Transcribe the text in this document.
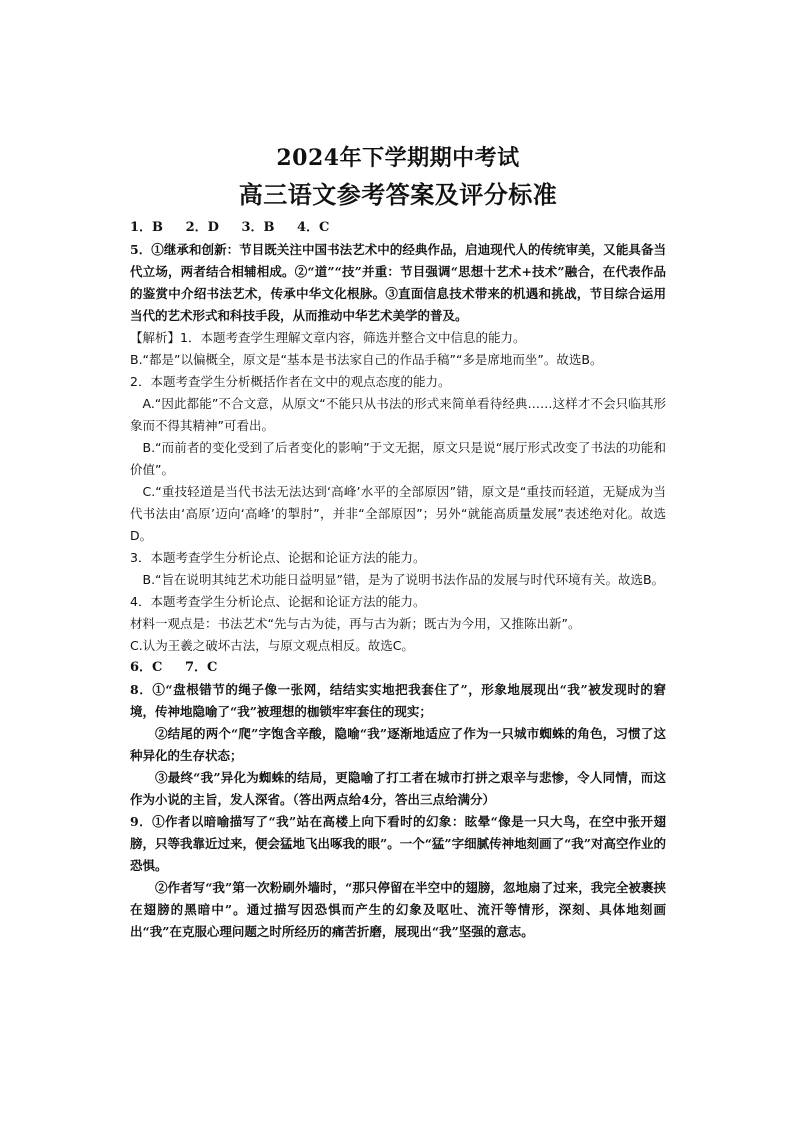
2024年下学期期中考试
高三语文参考答案及评分标准

1．B 2．D 3．B 4．C

5．①继承和创新：节目既关注中国书法艺术中的经典作品，启迪现代人的传统审美，又能具备当代立场，两者结合相辅相成。②“道”“技”并重：节目强调“思想十艺术+技术”融合，在代表作品的鉴赏中介绍书法艺术，传承中华文化根脉。③直面信息技术带来的机遇和挑战，节目综合运用当代的艺术形式和科技手段，从而推动中华艺术美学的普及。

【解析】1．本题考查学生理解文章内容，筛选并整合文中信息的能力。

B.“都是”以偏概全，原文是“基本是书法家自己的作品手稿”“多是席地而坐”。故选B。

2．本题考查学生分析概括作者在文中的观点态度的能力。

A.“因此都能”不合文意，从原文“不能只从书法的形式来简单看待经典……这样才不会只临其形象而不得其精神”可看出。

B.“而前者的变化受到了后者变化的影响”于文无据，原文只是说“展厅形式改变了书法的功能和价值”。

C.“重技轻道是当代书法无法达到‘高峰’水平的全部原因”错，原文是“重技而轻道，无疑成为当代书法由‘高原’迈向‘高峰’的掣肘”，并非“全部原因”；另外“就能高质量发展”表述绝对化。故选D。

3．本题考查学生分析论点、论据和论证方法的能力。

B.“旨在说明其纯艺术功能日益明显”错，是为了说明书法作品的发展与时代环境有关。故选B。

4．本题考查学生分析论点、论据和论证方法的能力。

材料一观点是：书法艺术“先与古为徒，再与古为新；既古为今用，又推陈出新”。

C.认为王羲之破坏古法，与原文观点相反。故选C。

6．C 7．C

8．①“盘根错节的绳子像一张网，结结实实地把我套住了”，形象地展现出“我”被发现时的窘境，传神地隐喻了“我”被理想的枷锁牢牢套住的现实；

②结尾的两个“爬”字饱含辛酸，隐喻“我”逐渐地适应了作为一只城市蜘蛛的角色，习惯了这种异化的生存状态；

③最终“我”异化为蜘蛛的结局，更隐喻了打工者在城市打拼之艰辛与悲惨，令人同情，而这作为小说的主旨，发人深省。（答出两点给4分，答出三点给满分）

9．①作者以暗喻描写了“我”站在高楼上向下看时的幻象：眩晕“像是一只大鸟，在空中张开翅膀，只等我靠近过来，便会猛地飞出啄我的眼”。一个“猛”字细腻传神地刻画了“我”对高空作业的恐惧。

②作者写“我”第一次粉刷外墙时，“那只停留在半空中的翅膀，忽地扇了过来，我完全被裹挟在翅膀的黑暗中”。通过描写因恐惧而产生的幻象及呕吐、流汗等情形，深刻、具体地刻画出“我”在克服心理问题之时所经历的痛苦折磨，展现出“我”坚强的意志。
